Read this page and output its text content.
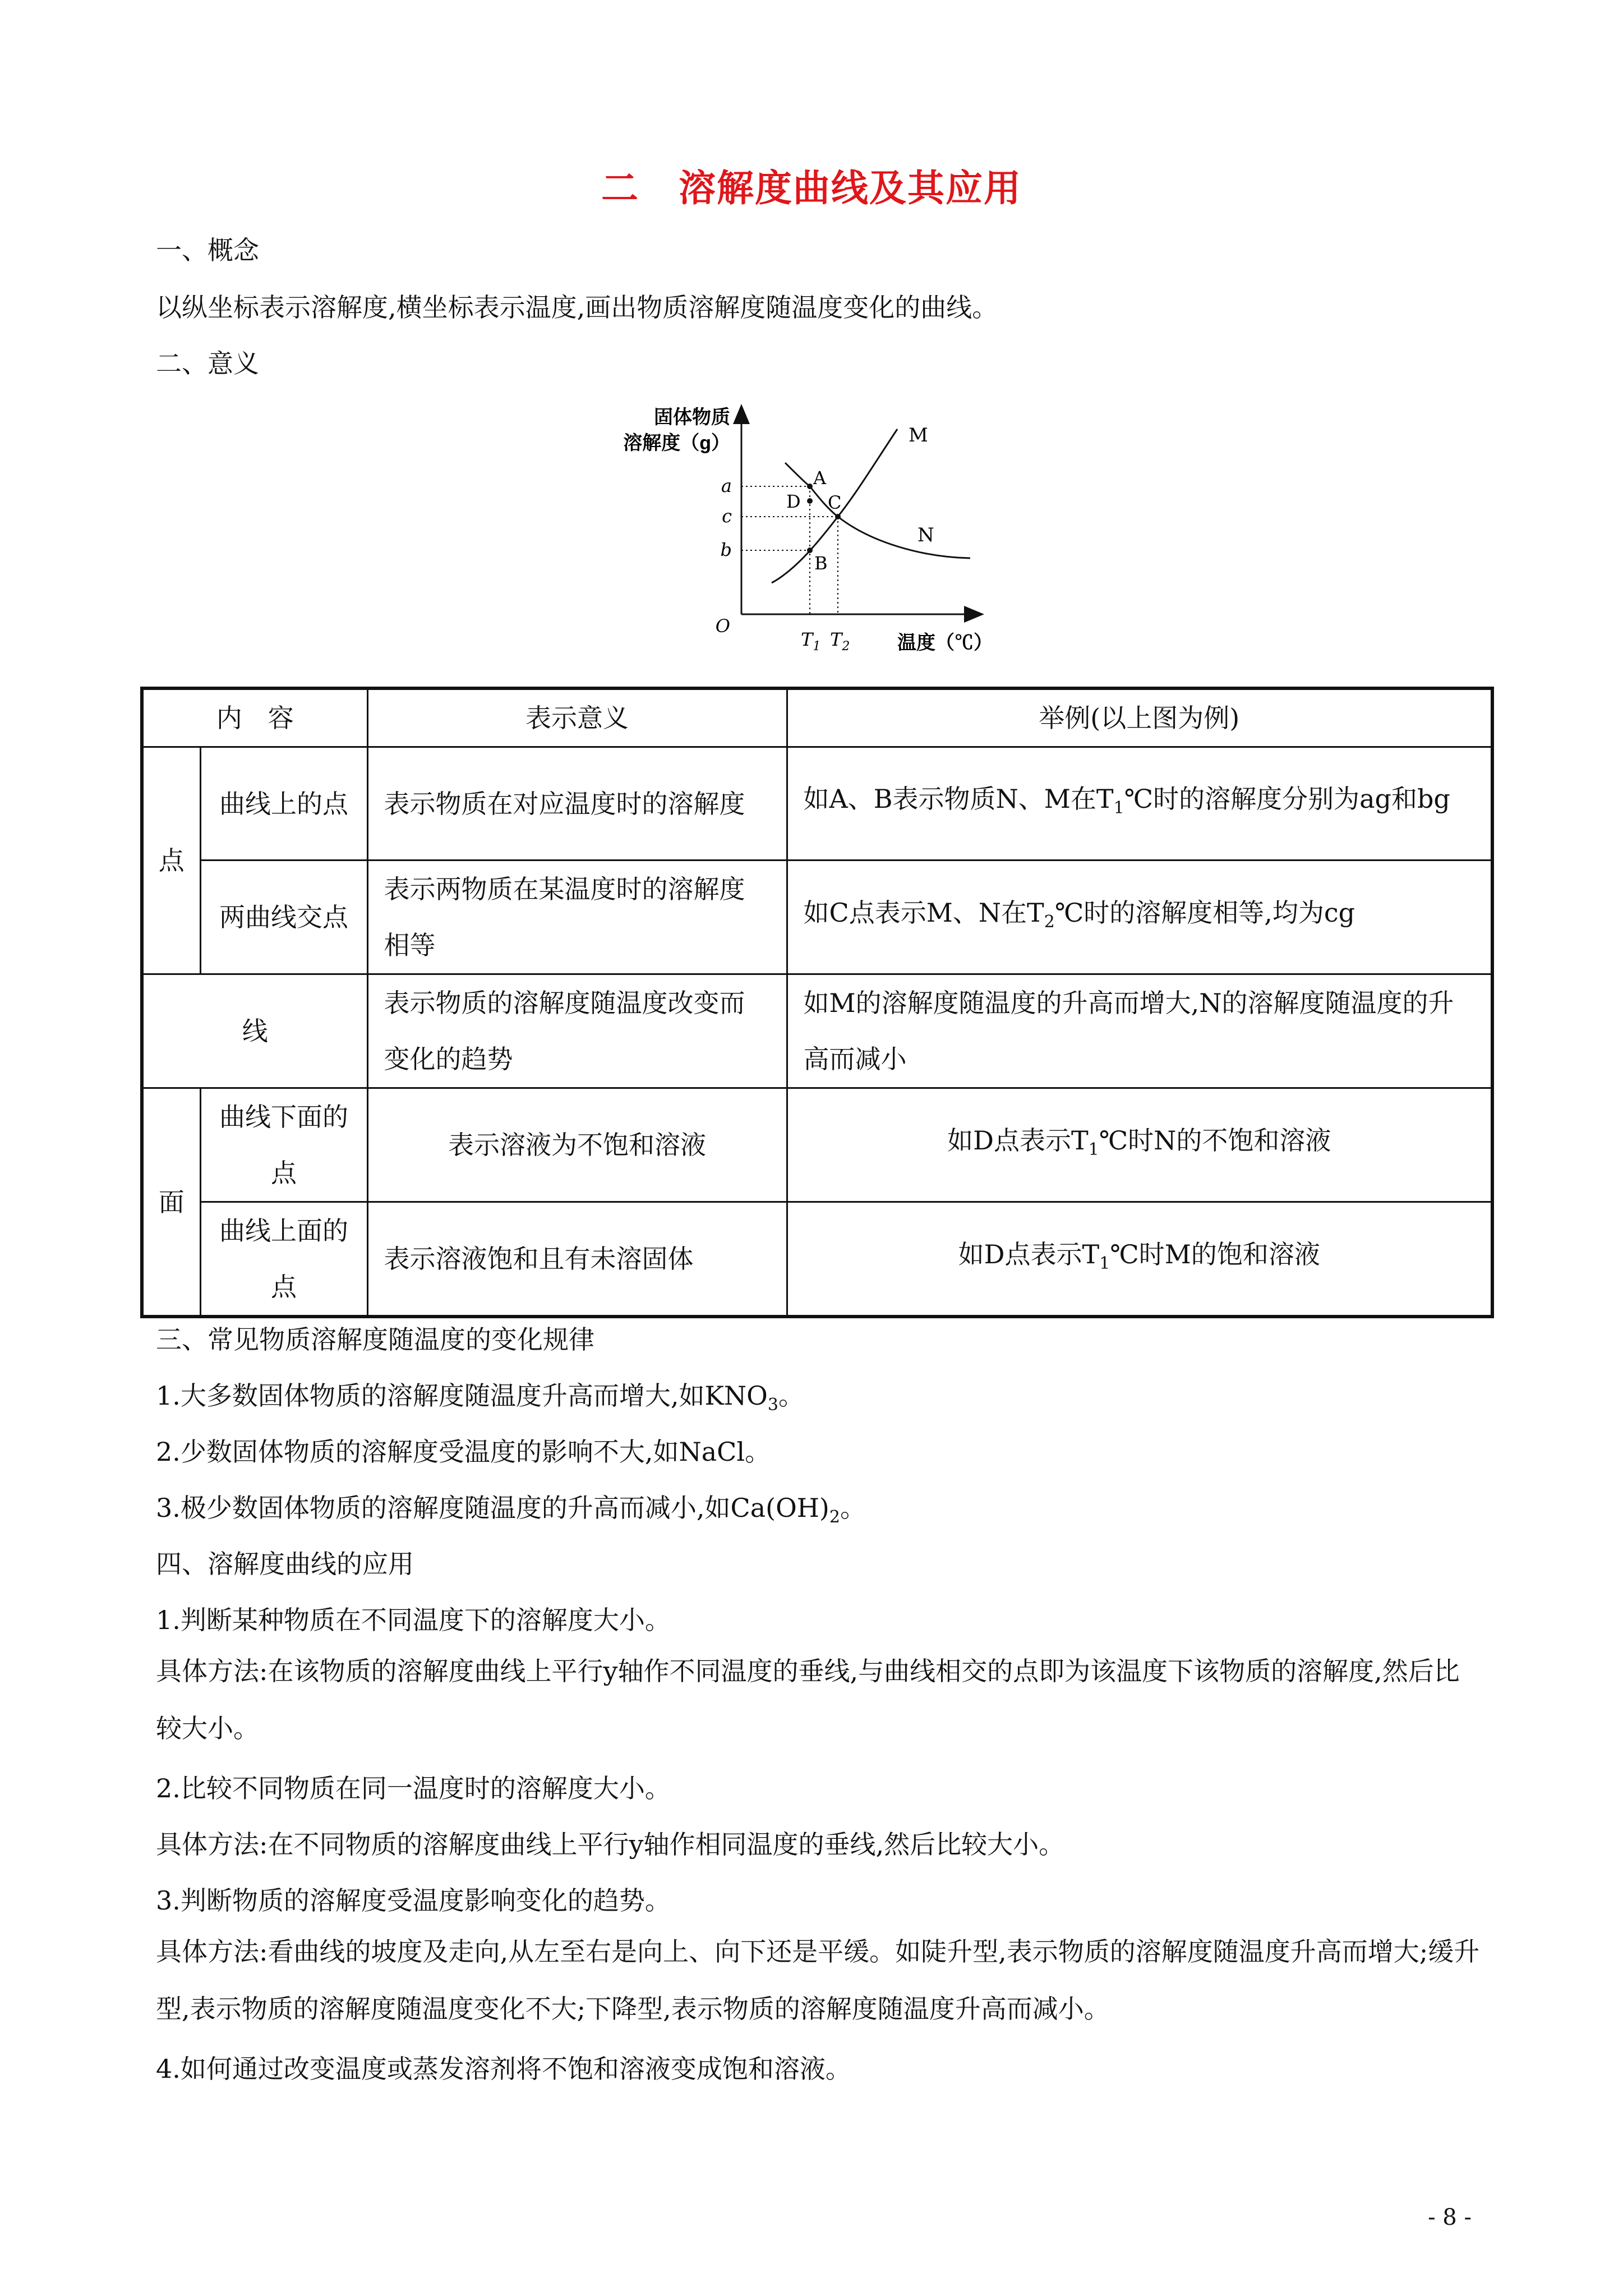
二 溶解度曲线及其应用
一、概念
以纵坐标表示溶解度,横坐标表示温度,画出物质溶解度随温度变化的曲线。
二、意义
固体物质
溶解度（g）
a
c
b
O
$T_1$ $T_2$ 温度（℃）
M
N
A
D C
B
内　容		表示意义	举例(以上图为例)
点	曲线上的点	表示物质在对应温度时的溶解度	如A、B表示物质N、M在$T_1℃$时的溶解度分别为ag和bg
	两曲线交点	表示两物质在某温度时的溶解度相等	如C点表示M、N在$T_2℃$时的溶解度相等,均为cg
线		表示物质的溶解度随温度改变而变化的趋势	如M的溶解度随温度的升高而增大,N的溶解度随温度的升高而减小
面	曲线下面的点	表示溶液为不饱和溶液	如D点表示$T_1℃$时N的不饱和溶液
	曲线上面的点	表示溶液饱和且有未溶固体	如D点表示$T_1℃$时M的饱和溶液
三、常见物质溶解度随温度的变化规律
1.大多数固体物质的溶解度随温度升高而增大,如$KNO_3$。
2.少数固体物质的溶解度受温度的影响不大,如NaCl。
3.极少数固体物质的溶解度随温度的升高而减小,如$Ca(OH)_2$。
四、溶解度曲线的应用
1.判断某种物质在不同温度下的溶解度大小。
具体方法:在该物质的溶解度曲线上平行y轴作不同温度的垂线,与曲线相交的点即为该温度下该物质的溶解度,然后比较大小。
2.比较不同物质在同一温度时的溶解度大小。
具体方法:在不同物质的溶解度曲线上平行y轴作相同温度的垂线,然后比较大小。
3.判断物质的溶解度受温度影响变化的趋势。
具体方法:看曲线的坡度及走向,从左至右是向上、向下还是平缓。如陡升型,表示物质的溶解度随温度升高而增大;缓升型,表示物质的溶解度随温度变化不大;下降型,表示物质的溶解度随温度升高而减小。
4.如何通过改变温度或蒸发溶剂将不饱和溶液变成饱和溶液。
- 8 -
